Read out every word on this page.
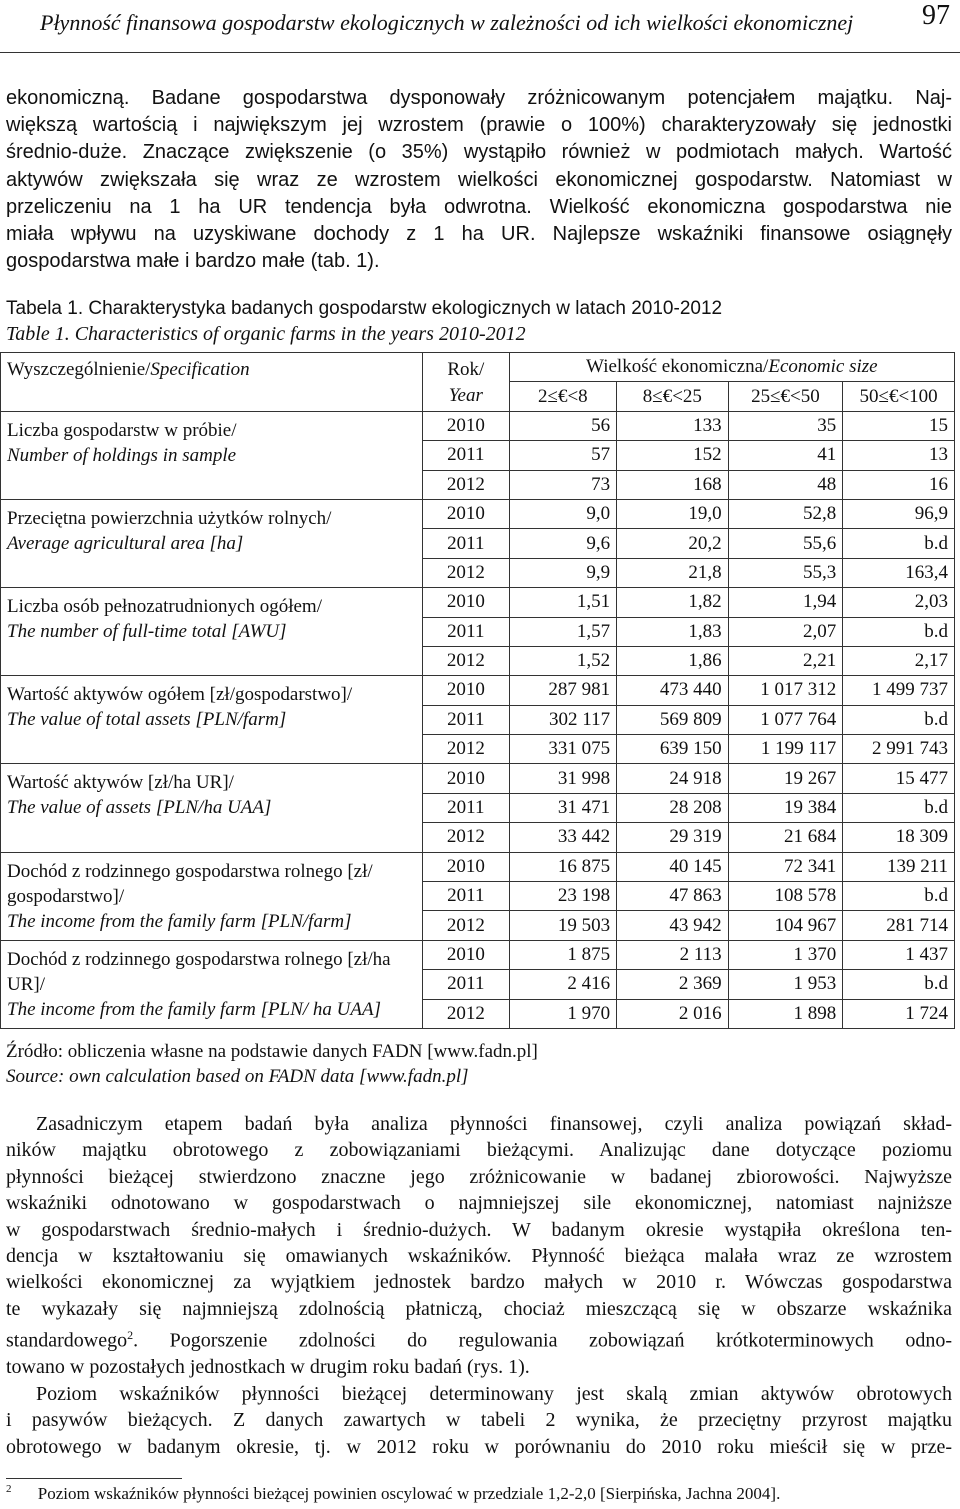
Płynność finansowa gospodarstw ekologicznych w zależności od ich wielkości ekonomicznej 97
ekonomiczną. Badane gospodarstwa dysponowały zróżnicowanym potencjałem majątku. Naj-
większą wartością i największym jej wzrostem (prawie o 100%) charakteryzowały się jednostki
średnio-duże. Znaczące zwiększenie (o 35%) wystąpiło również w podmiotach małych. Wartość
aktywów zwiększała się wraz ze wzrostem wielkości ekonomicznej gospodarstw. Natomiast w
przeliczeniu na 1 ha UR tendencja była odwrotna. Wielkość ekonomiczna gospodarstwa nie
miała wpływu na uzyskiwane dochody z 1 ha UR. Najlepsze wskaźniki finansowe osiągnęły
gospodarstwa małe i bardzo małe (tab. 1).
Tabela 1. Charakterystyka badanych gospodarstw ekologicznych w latach 2010-2012
Table 1. Characteristics of organic farms in the years 2010-2012
Wyszczególnienie/Specification	Rok/
Year	Wielkość ekonomiczna/Economic size			
		2≤€<8	8≤€<25	25≤€<50	50≤€<100
Liczba gospodarstw w próbie/
Number of holdings in sample	2010	56	133	35	15
	2011	57	152	41	13
	2012	73	168	48	16
Przeciętna powierzchnia użytków rolnych/
Average agricultural area [ha]	2010	9,0	19,0	52,8	96,9
	2011	9,6	20,2	55,6	b.d
	2012	9,9	21,8	55,3	163,4
Liczba osób pełnozatrudnionych ogółem/
The number of full-time total [AWU]	2010	1,51	1,82	1,94	2,03
	2011	1,57	1,83	2,07	b.d
	2012	1,52	1,86	2,21	2,17
Wartość aktywów ogółem [zł/gospodarstwo]/
The value of total assets [PLN/farm]	2010	287 981	473 440	1 017 312	1 499 737
	2011	302 117	569 809	1 077 764	b.d
	2012	331 075	639 150	1 199 117	2 991 743
Wartość aktywów [zł/ha UR]/
The value of assets [PLN/ha UAA]	2010	31 998	24 918	19 267	15 477
	2011	31 471	28 208	19 384	b.d
	2012	33 442	29 319	21 684	18 309
Dochód z rodzinnego gospodarstwa rolnego [zł/ gospodarstwo]/
The income from the family farm [PLN/farm]	2010	16 875	40 145	72 341	139 211
	2011	23 198	47 863	108 578	b.d
	2012	19 503	43 942	104 967	281 714
Dochód z rodzinnego gospodarstwa rolnego [zł/ha UR]/
The income from the family farm [PLN/ ha UAA]	2010	1 875	2 113	1 370	1 437
	2011	2 416	2 369	1 953	b.d
	2012	1 970	2 016	1 898	1 724
Źródło: obliczenia własne na podstawie danych FADN [www.fadn.pl]
Source: own calculation based on FADN data [www.fadn.pl]
Zasadniczym etapem badań była analiza płynności finansowej, czyli analiza powiązań skład-
ników majątku obrotowego z zobowiązaniami bieżącymi. Analizując dane dotyczące poziomu
płynności bieżącej stwierdzono znaczne jego zróżnicowanie w badanej zbiorowości. Najwyższe
wskaźniki odnotowano w gospodarstwach o najmniejszej sile ekonomicznej, natomiast najniższe
w gospodarstwach średnio-małych i średnio-dużych. W badanym okresie wystąpiła określona ten-
dencja w kształtowaniu się omawianych wskaźników. Płynność bieżąca malała wraz ze wzrostem
wielkości ekonomicznej za wyjątkiem jednostek bardzo małych w 2010 r. Wówczas gospodarstwa
te wykazały się najmniejszą zdolnością płatniczą, chociaż mieszczącą się w obszarze wskaźnika
standardowego$^2$. Pogorszenie zdolności do regulowania zobowiązań krótkoterminowych odno-
towano w pozostałych jednostkach w drugim roku badań (rys. 1).
Poziom wskaźników płynności bieżącej determinowany jest skalą zmian aktywów obrotowych
i pasywów bieżących. Z danych zawartych w tabeli 2 wynika, że przeciętny przyrost majątku
obrotowego w badanym okresie, tj. w 2012 roku w porównaniu do 2010 roku mieścił się w prze-
$^2$ Poziom wskaźników płynności bieżącej powinien oscylować w przedziale 1,2-2,0 [Sierpińska, Jachna 2004].
